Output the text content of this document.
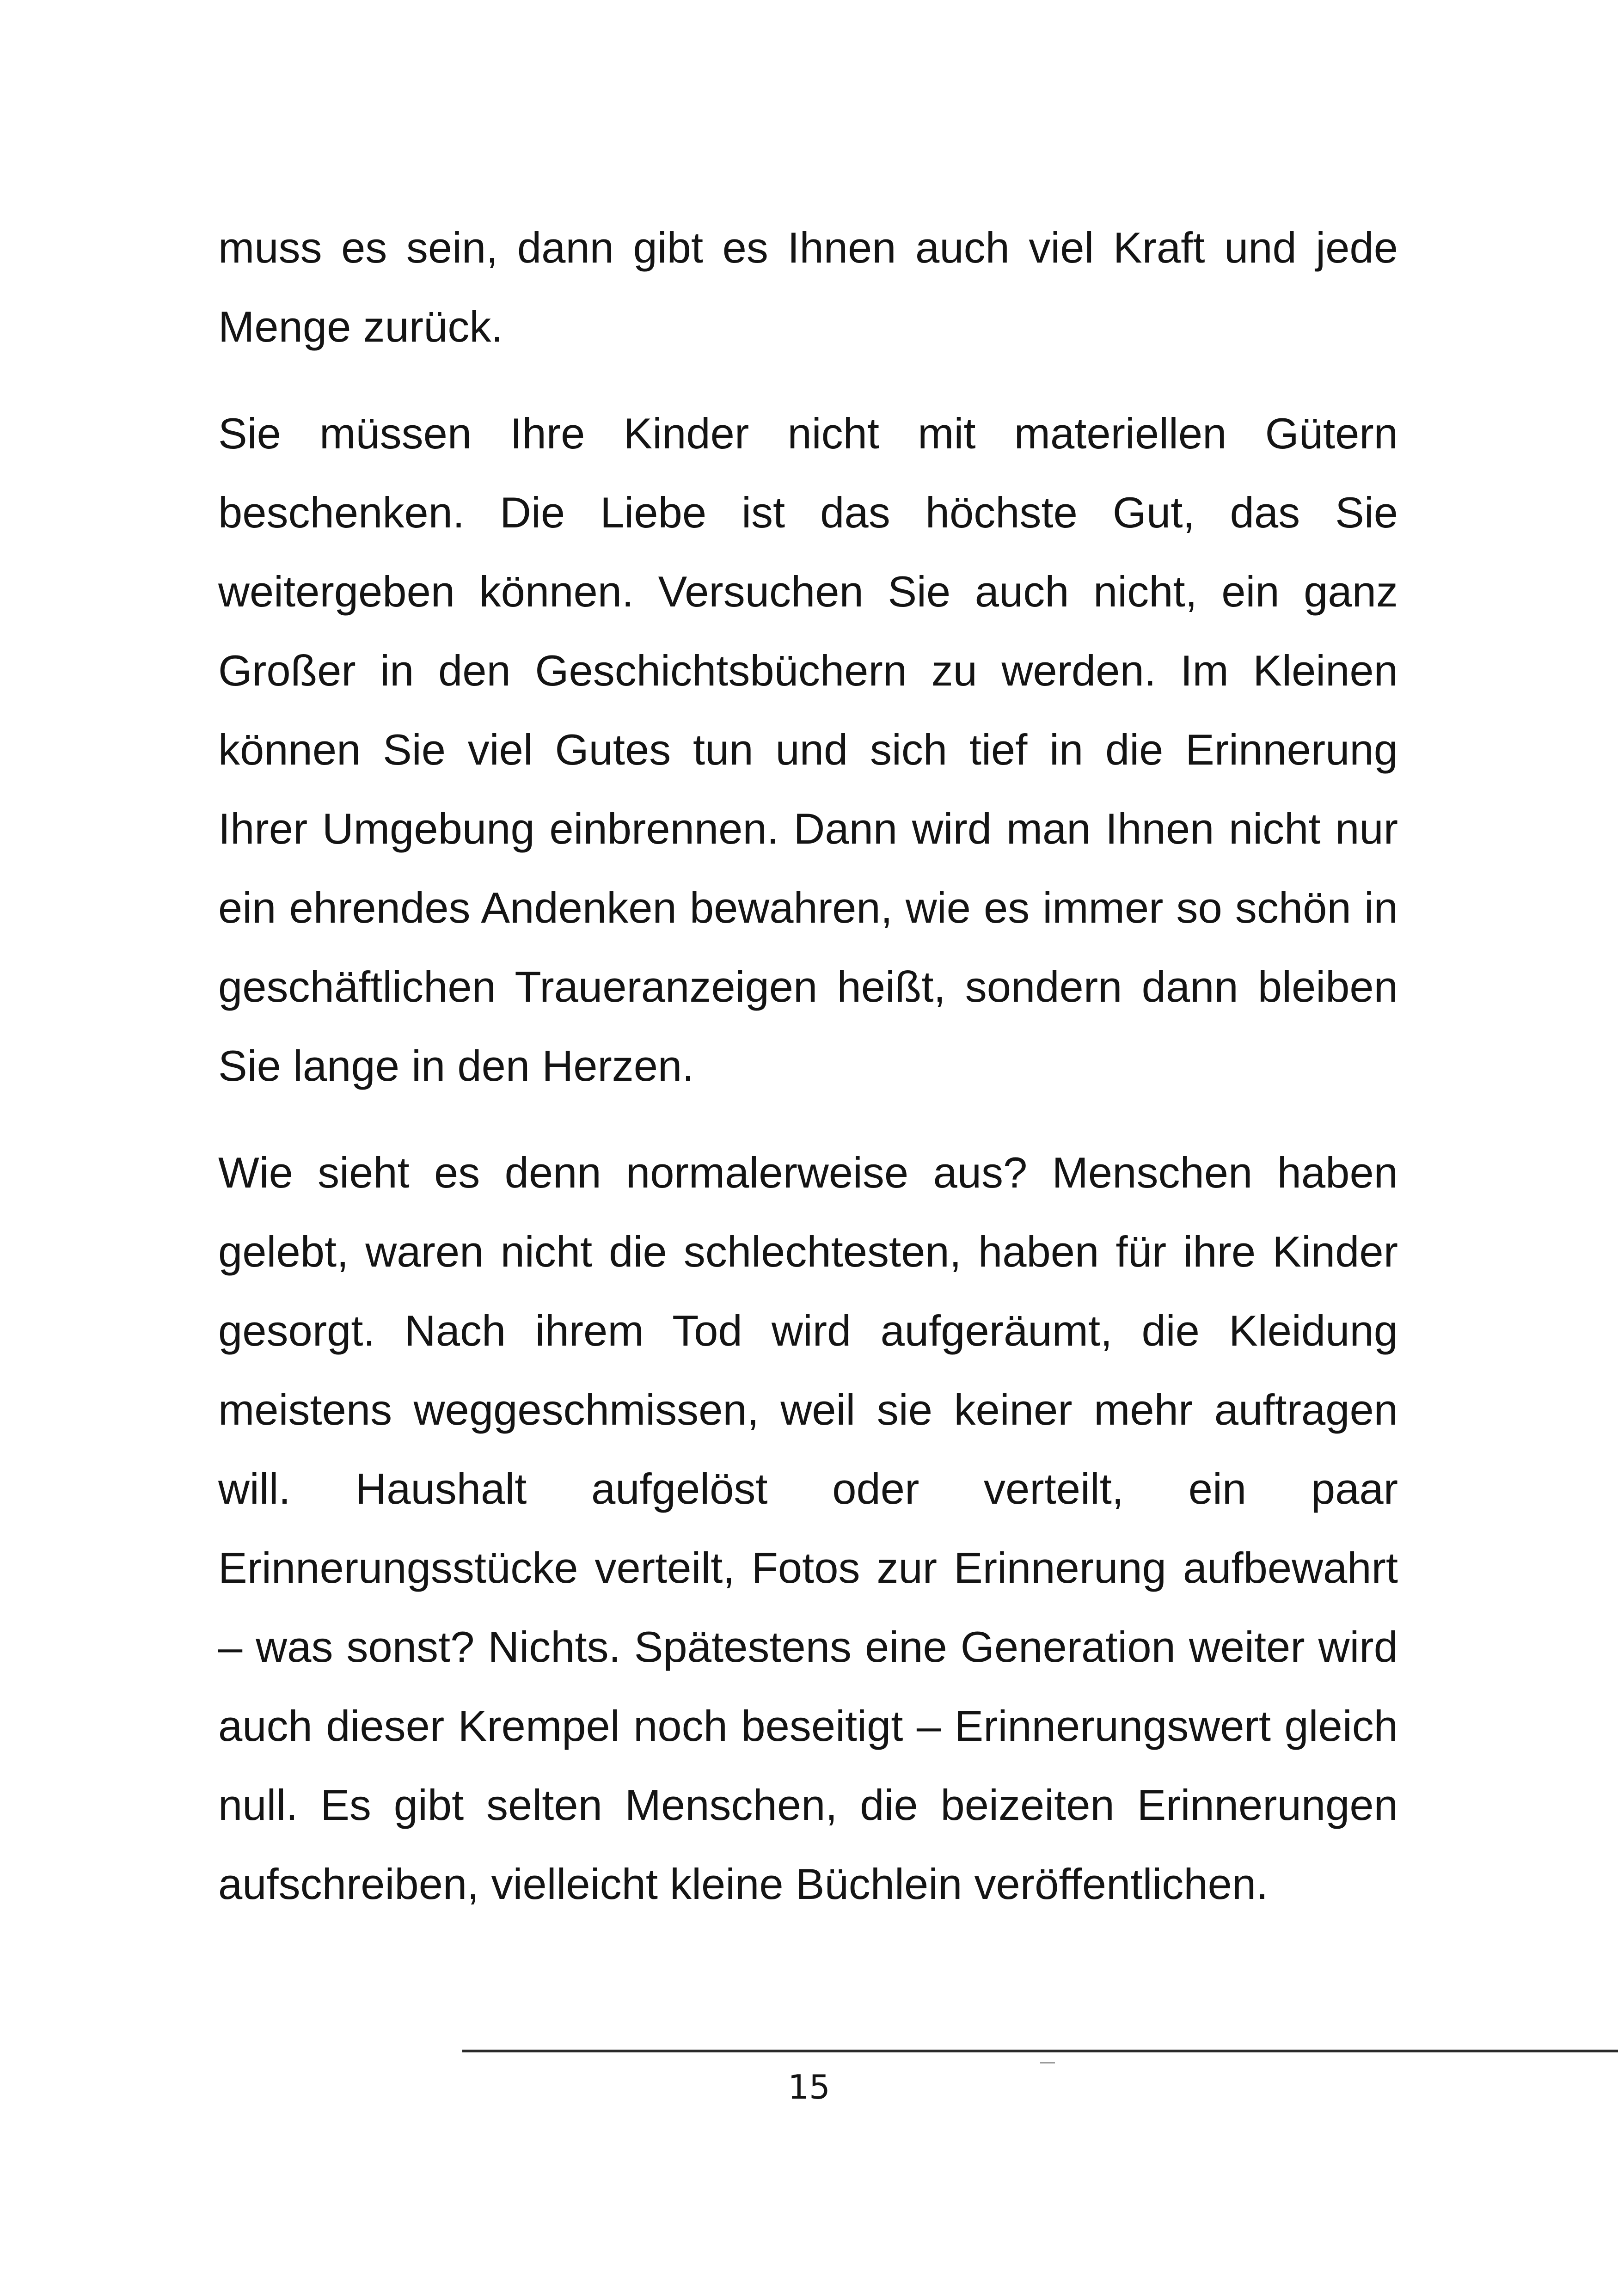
muss es sein, dann gibt es Ihnen auch viel Kraft und jede Menge zurück.

Sie müssen Ihre Kinder nicht mit materiellen Gütern beschenken. Die Liebe ist das höchste Gut, das Sie weitergeben können. Versuchen Sie auch nicht, ein ganz Großer in den Geschichtsbüchern zu werden. Im Kleinen können Sie viel Gutes tun und sich tief in die Erinnerung Ihrer Umgebung einbrennen. Dann wird man Ihnen nicht nur ein ehrendes Andenken bewahren, wie es immer so schön in geschäftlichen Traueranzeigen heißt, sondern dann bleiben Sie lange in den Herzen.

Wie sieht es denn normalerweise aus? Menschen haben gelebt, waren nicht die schlechtesten, haben für ihre Kinder gesorgt. Nach ihrem Tod wird aufgeräumt, die Kleidung meistens weggeschmissen, weil sie keiner mehr auftragen will. Haushalt aufgelöst oder verteilt, ein paar Erinnerungsstücke verteilt, Fotos zur Erinnerung aufbewahrt – was sonst? Nichts. Spätestens eine Generation weiter wird auch dieser Krempel noch beseitigt – Erinnerungswert gleich null. Es gibt selten Menschen, die beizeiten Erinnerungen aufschreiben, vielleicht kleine Büchlein veröffentlichen.

15
